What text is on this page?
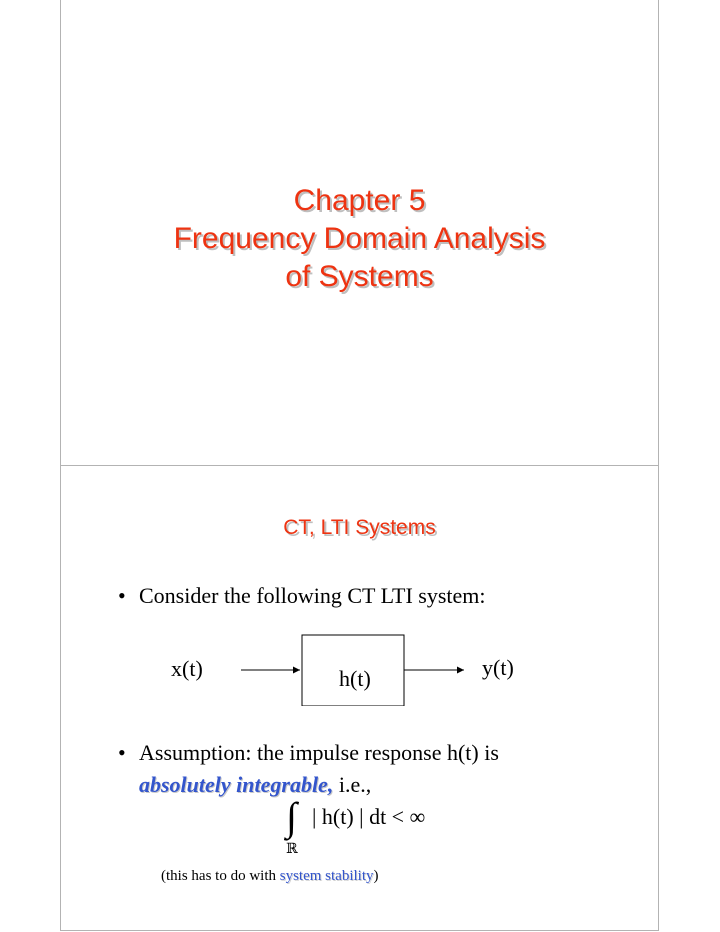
Chapter 5
Frequency Domain Analysis
of Systems
CT, LTI Systems
• Consider the following CT LTI system:
x(t)	h(t)	y(t)
• Assumption: the impulse response h(t) is
absolutely integrable, i.e.,
∫ | h(t) | dt < ∞
ℝ
(this has to do with system stability)
